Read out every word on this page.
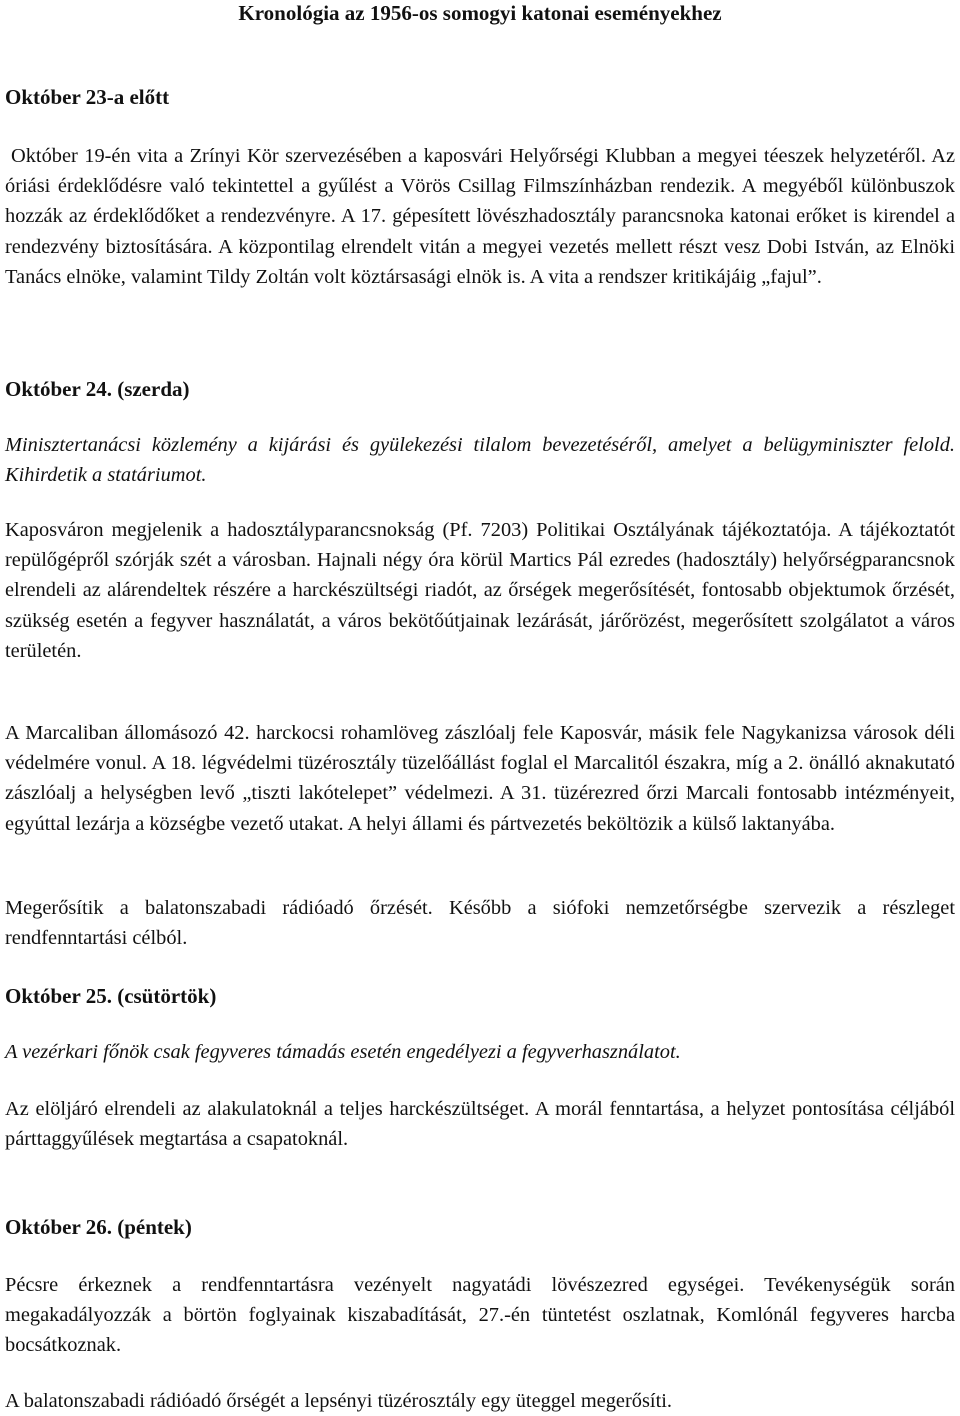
Kronológia az 1956-os somogyi katonai eseményekhez
Október 23-a előtt
Október 19-én vita a Zrínyi Kör szervezésében a kaposvári Helyőrségi Klubban a megyei téeszek helyzetéről. Az óriási érdeklődésre való tekintettel a gyűlést a Vörös Csillag Filmszínházban rendezik. A megyéből különbuszok hozzák az érdeklődőket a rendezvényre. A 17. gépesített lövészhadosztály parancsnoka katonai erőket is kirendel a rendezvény biztosítására. A központilag elrendelt vitán a megyei vezetés mellett részt vesz Dobi István, az Elnöki Tanács elnöke, valamint Tildy Zoltán volt köztársasági elnök is. A vita a rendszer kritikájáig „fajul”.
Október 24. (szerda)
Minisztertanácsi közlemény a kijárási és gyülekezési tilalom bevezetéséről, amelyet a belügyminiszter felold. Kihirdetik a statáriumot.
Kaposváron megjelenik a hadosztályparancsnokság (Pf. 7203) Politikai Osztályának tájékoztatója. A tájékoztatót repülőgépről szórják szét a városban. Hajnali négy óra körül Martics Pál ezredes (hadosztály) helyőrségparancsnok elrendeli az alárendeltek részére a harckészültségi riadót, az őrségek megerősítését, fontosabb objektumok őrzését, szükség esetén a fegyver használatát, a város bekötőútjainak lezárását, járőrözést, megerősített szolgálatot a város területén.
A Marcaliban állomásozó 42. harckocsi rohamlöveg zászlóalj fele Kaposvár, másik fele Nagykanizsa városok déli védelmére vonul. A 18. légvédelmi tüzérosztály tüzelőállást foglal el Marcalitól északra, míg a 2. önálló aknakutató zászlóalj a helységben levő „tiszti lakótelepet” védelmezi. A 31. tüzérezred őrzi Marcali fontosabb intézményeit, egyúttal lezárja a községbe vezető utakat. A helyi állami és pártvezetés beköltözik a külső laktanyába.
Megerősítik a balatonszabadi rádióadó őrzését. Később a siófoki nemzetőrségbe szervezik a részleget rendfenntartási célból.
Október 25. (csütörtök)
A vezérkari főnök csak fegyveres támadás esetén engedélyezi a fegyverhasználatot.
Az elöljáró elrendeli az alakulatoknál a teljes harckészültséget. A morál fenntartása, a helyzet pontosítása céljából párttaggyűlések megtartása a csapatoknál.
Október 26. (péntek)
Pécsre érkeznek a rendfenntartásra vezényelt nagyatádi lövészezred egységei. Tevékenységük során megakadályozzák a börtön foglyainak kiszabadítását, 27.-én tüntetést oszlatnak, Komlónál fegyveres harcba bocsátkoznak.
A balatonszabadi rádióadó őrségét a lepsényi tüzérosztály egy üteggel megerősíti.
